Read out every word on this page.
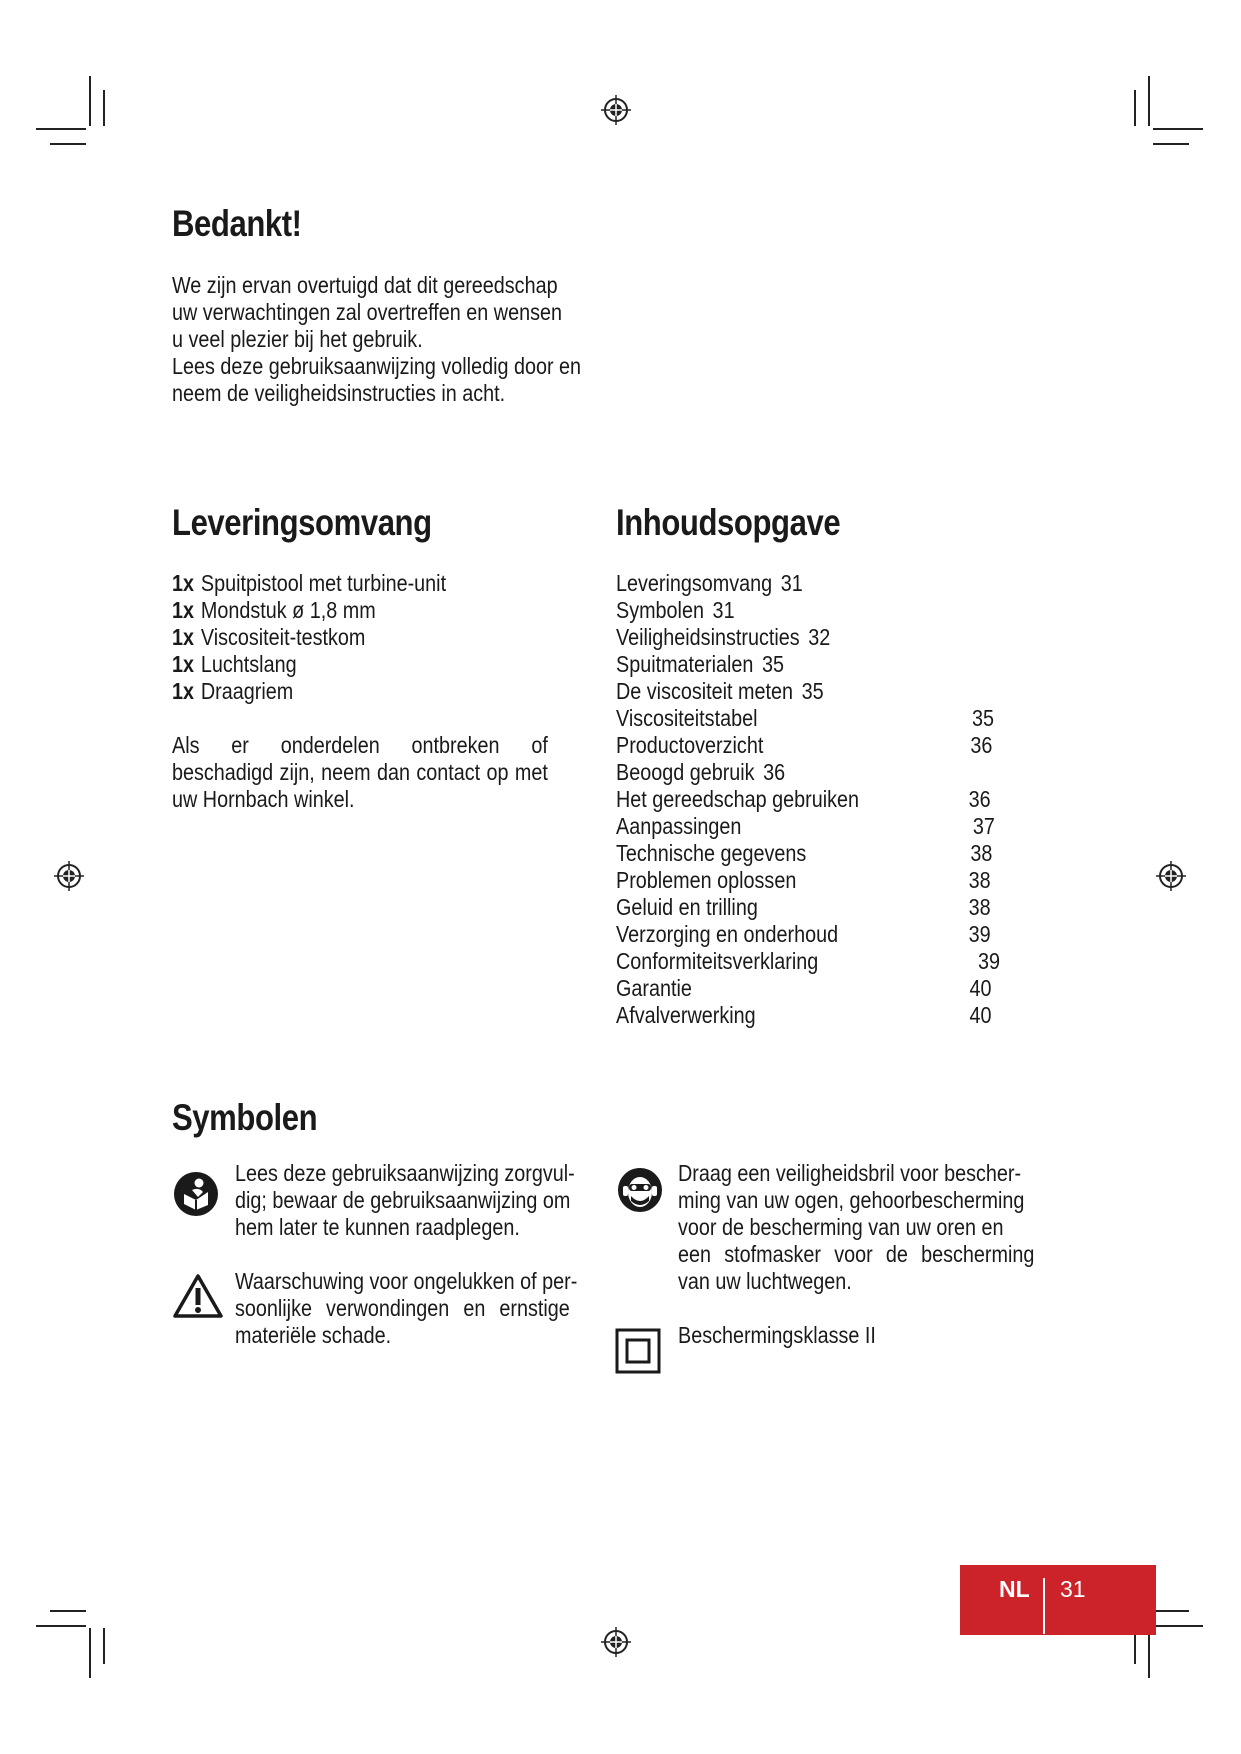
Bedankt!

We zijn ervan overtuigd dat dit gereedschap

uw verwachtingen zal overtreffen en wensen

u veel plezier bij het gebruik.

Lees deze gebruiksaanwijzing volledig door en

neem de veiligheidsinstructies in acht.

Leveringsomvang
1x Spuitpistool met turbine-unit
1x Mondstuk ø 1,8 mm
1x Viscositeit-testkom
1x Luchtslang
1x Draagriem
Als er onderdelen ontbreken of beschadigd zijn, neem dan contact op met uw Hornbach winkel.
Inhoudsopgave
Leveringsomvang 31
Symbolen 31
Veiligheidsinstructies 32
Spuitmaterialen 35
De viscositeit meten 35
Viscositeitstabel	35
Productoverzicht	36
Beoogd gebruik 36
Het gereedschap gebruiken	36
Aanpassingen	37
Technische gegevens	38
Problemen oplossen	38
Geluid en trilling	38
Verzorging en onderhoud	39
Conformiteitsverklaring	39
Garantie	40
Afvalverwerking	40
Symbolen
Lees deze gebruiksaanwijzing zorgvul-
dig; bewaar de gebruiksaanwijzing om
hem later te kunnen raadplegen.
Waarschuwing voor ongelukken of per-
soonlijke verwondingen en ernstige
materiële schade.
Draag een veiligheidsbril voor bescher-
ming van uw ogen, gehoorbescherming
voor de bescherming van uw oren en
een stofmasker voor de bescherming
van uw luchtwegen.
Beschermingsklasse II
NL 31
